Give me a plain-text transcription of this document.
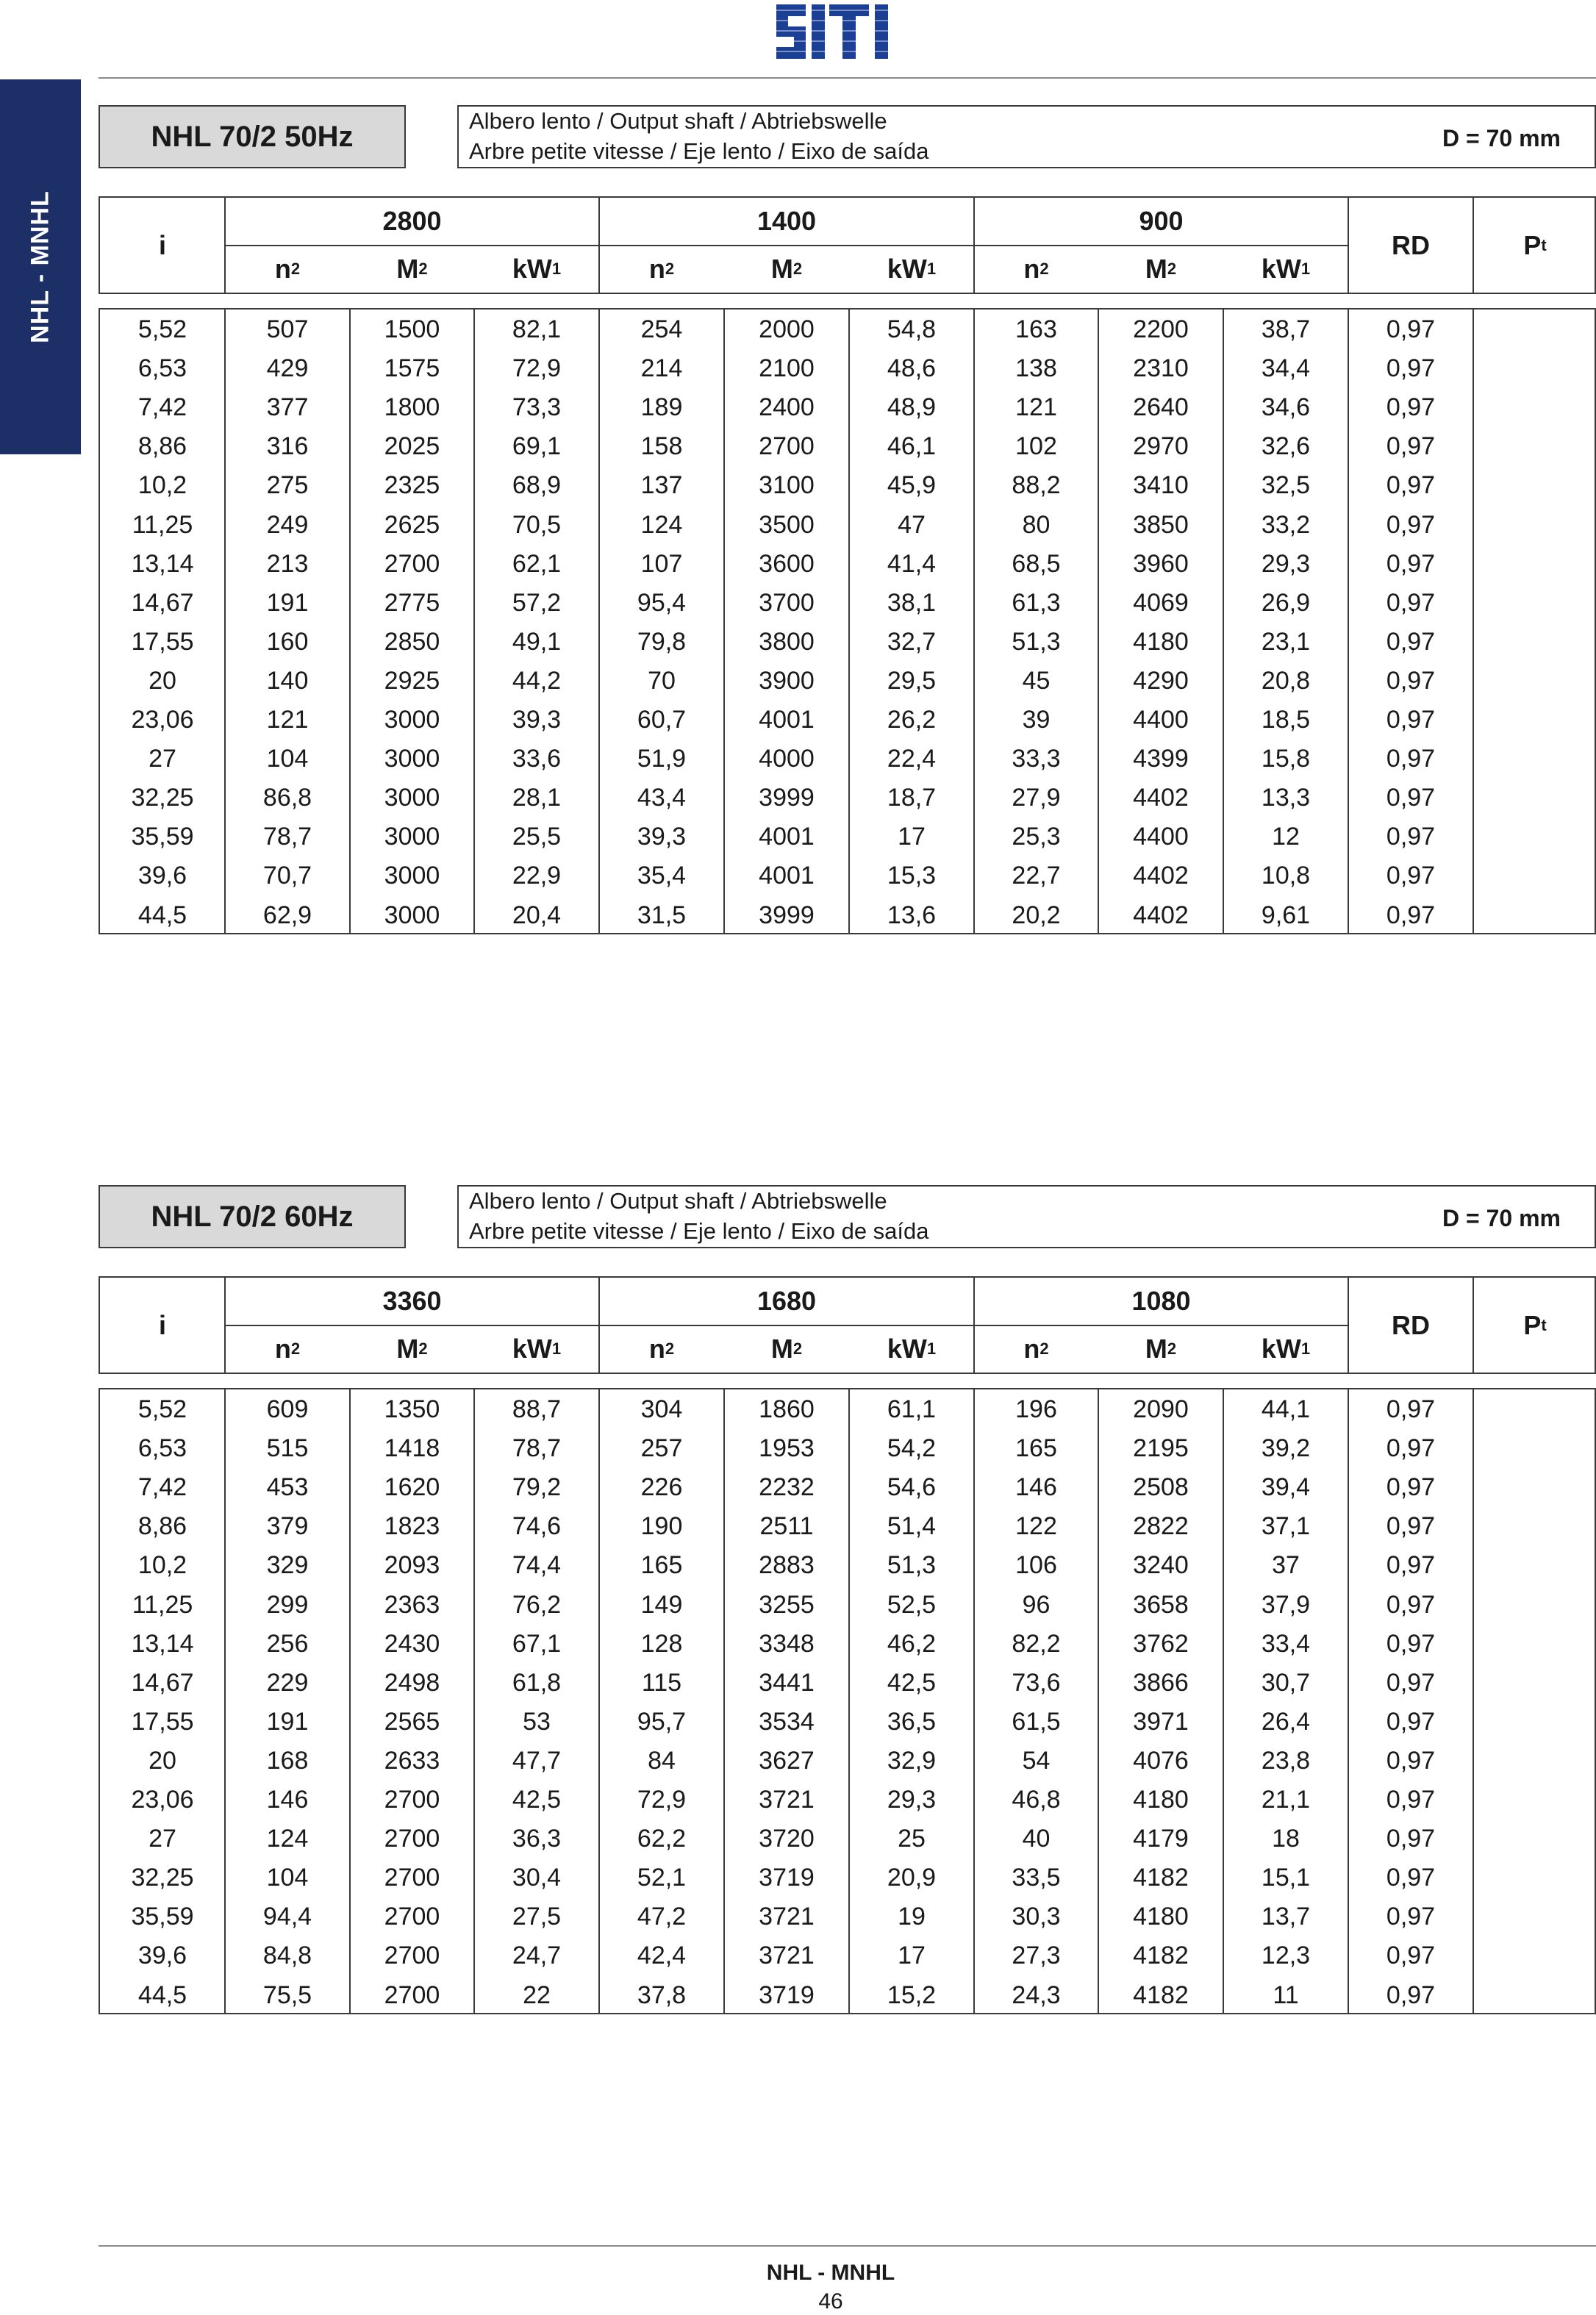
NHL - MNHL
NHL 70/2 50Hz	Albero lento / Output shaft / Abtriebswelle
Arbre petite vitesse / Eje lento / Eixo de saída	D = 70 mm
i
2800
n 2	M 2	kW 1
1400
n 2	M 2	kW 1
900
n 2	M 2	kW 1
RD	P t
5,52	507	1500	82,1	254	2000	54,8	163	2200	38,7	0,97
6,53	429	1575	72,9	214	2100	48,6	138	2310	34,4	0,97
7,42	377	1800	73,3	189	2400	48,9	121	2640	34,6	0,97
8,86	316	2025	69,1	158	2700	46,1	102	2970	32,6	0,97
10,2	275	2325	68,9	137	3100	45,9	88,2	3410	32,5	0,97
11,25	249	2625	70,5	124	3500	47	80	3850	33,2	0,97
13,14	213	2700	62,1	107	3600	41,4	68,5	3960	29,3	0,97
14,67	191	2775	57,2	95,4	3700	38,1	61,3	4069	26,9	0,97
17,55	160	2850	49,1	79,8	3800	32,7	51,3	4180	23,1	0,97
20	140	2925	44,2	70	3900	29,5	45	4290	20,8	0,97
23,06	121	3000	39,3	60,7	4001	26,2	39	4400	18,5	0,97
27	104	3000	33,6	51,9	4000	22,4	33,3	4399	15,8	0,97
32,25	86,8	3000	28,1	43,4	3999	18,7	27,9	4402	13,3	0,97
35,59	78,7	3000	25,5	39,3	4001	17	25,3	4400	12	0,97
39,6	70,7	3000	22,9	35,4	4001	15,3	22,7	4402	10,8	0,97
44,5	62,9	3000	20,4	31,5	3999	13,6	20,2	4402	9,61	0,97
NHL 70/2 60Hz	Albero lento / Output shaft / Abtriebswelle
Arbre petite vitesse / Eje lento / Eixo de saída	D = 70 mm
i
3360
n 2	M 2	kW 1
1680
n 2	M 2	kW 1
1080
n 2	M 2	kW 1
RD	P t
5,52	609	1350	88,7	304	1860	61,1	196	2090	44,1	0,97
6,53	515	1418	78,7	257	1953	54,2	165	2195	39,2	0,97
7,42	453	1620	79,2	226	2232	54,6	146	2508	39,4	0,97
8,86	379	1823	74,6	190	2511	51,4	122	2822	37,1	0,97
10,2	329	2093	74,4	165	2883	51,3	106	3240	37	0,97
11,25	299	2363	76,2	149	3255	52,5	96	3658	37,9	0,97
13,14	256	2430	67,1	128	3348	46,2	82,2	3762	33,4	0,97
14,67	229	2498	61,8	115	3441	42,5	73,6	3866	30,7	0,97
17,55	191	2565	53	95,7	3534	36,5	61,5	3971	26,4	0,97
20	168	2633	47,7	84	3627	32,9	54	4076	23,8	0,97
23,06	146	2700	42,5	72,9	3721	29,3	46,8	4180	21,1	0,97
27	124	2700	36,3	62,2	3720	25	40	4179	18	0,97
32,25	104	2700	30,4	52,1	3719	20,9	33,5	4182	15,1	0,97
35,59	94,4	2700	27,5	47,2	3721	19	30,3	4180	13,7	0,97
39,6	84,8	2700	24,7	42,4	3721	17	27,3	4182	12,3	0,97
44,5	75,5	2700	22	37,8	3719	15,2	24,3	4182	11	0,97
NHL - MNHL
46
